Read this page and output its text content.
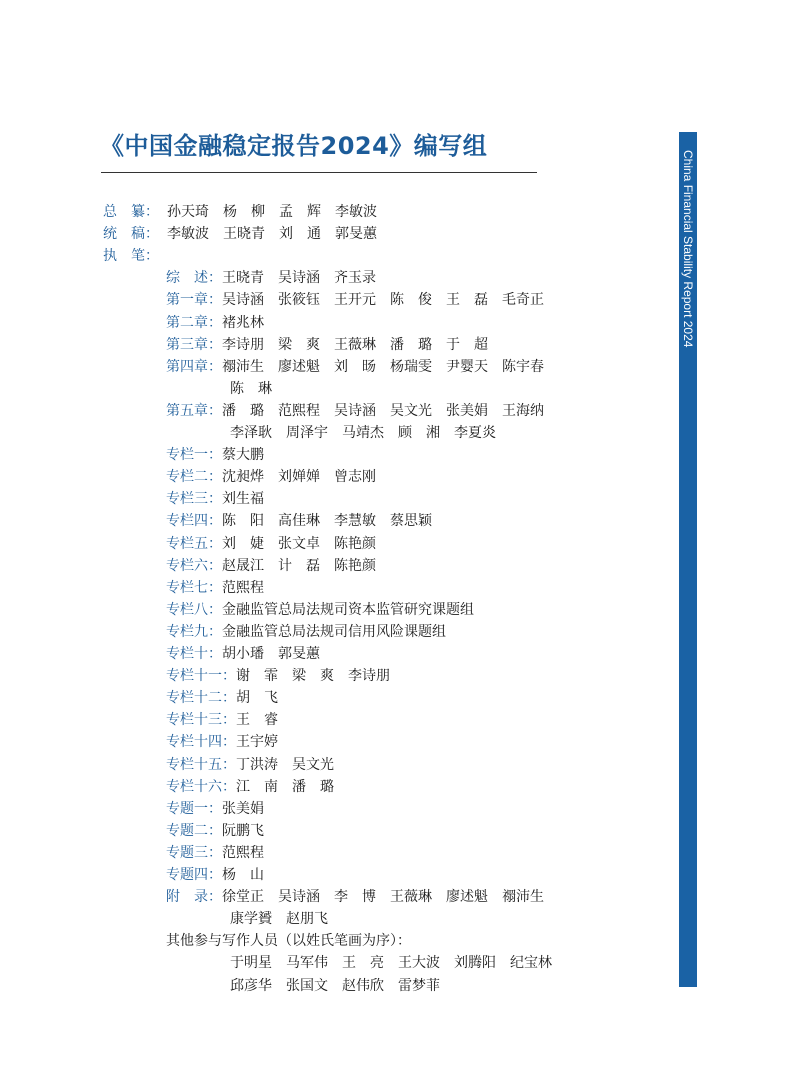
《中国金融稳定报告2024》编写组
China Financial Stability Report 2024
总　纂： 孙天琦　杨　柳　孟　辉　李敏波
统　稿： 李敏波　王晓青　刘　通　郭旻蕙
执　笔：
综　述：王晓青　吴诗涵　齐玉录
第一章：吴诗涵　张筱钰　王开元　陈　俊　王　磊　毛奇正
第二章：褚兆林
第三章：李诗朋　梁　爽　王薇琳　潘　璐　于　超
第四章：禤沛生　廖述魁　刘　旸　杨瑞雯　尹婴天　陈宇春
陈　琳
第五章：潘　璐　范熙程　吴诗涵　吴文光　张美娟　王海纳
李泽耿　周泽宇　马靖杰　顾　湘　李夏炎
专栏一：蔡大鹏
专栏二：沈昶烨　刘婵婵　曾志刚
专栏三：刘生福
专栏四：陈　阳　高佳琳　李慧敏　蔡思颖
专栏五：刘　婕　张文卓　陈艳颜
专栏六：赵晟江　计　磊　陈艳颜
专栏七：范熙程
专栏八：金融监管总局法规司资本监管研究课题组
专栏九：金融监管总局法规司信用风险课题组
专栏十：胡小璠　郭旻蕙
专栏十一：谢　霏　梁　爽　李诗朋
专栏十二：胡　飞
专栏十三：王　睿
专栏十四：王宇婷
专栏十五：丁洪涛　吴文光
专栏十六：江　南　潘　璐
专题一：张美娟
专题二：阮鹏飞
专题三：范熙程
专题四：杨　山
附　录：徐堂正　吴诗涵　李　博　王薇琳　廖述魁　禤沛生
康学贇　赵朋飞
其他参与写作人员（以姓氏笔画为序）：
于明星　马军伟　王　亮　王大波　刘腾阳　纪宝林
邱彦华　张国文　赵伟欣　雷梦菲
